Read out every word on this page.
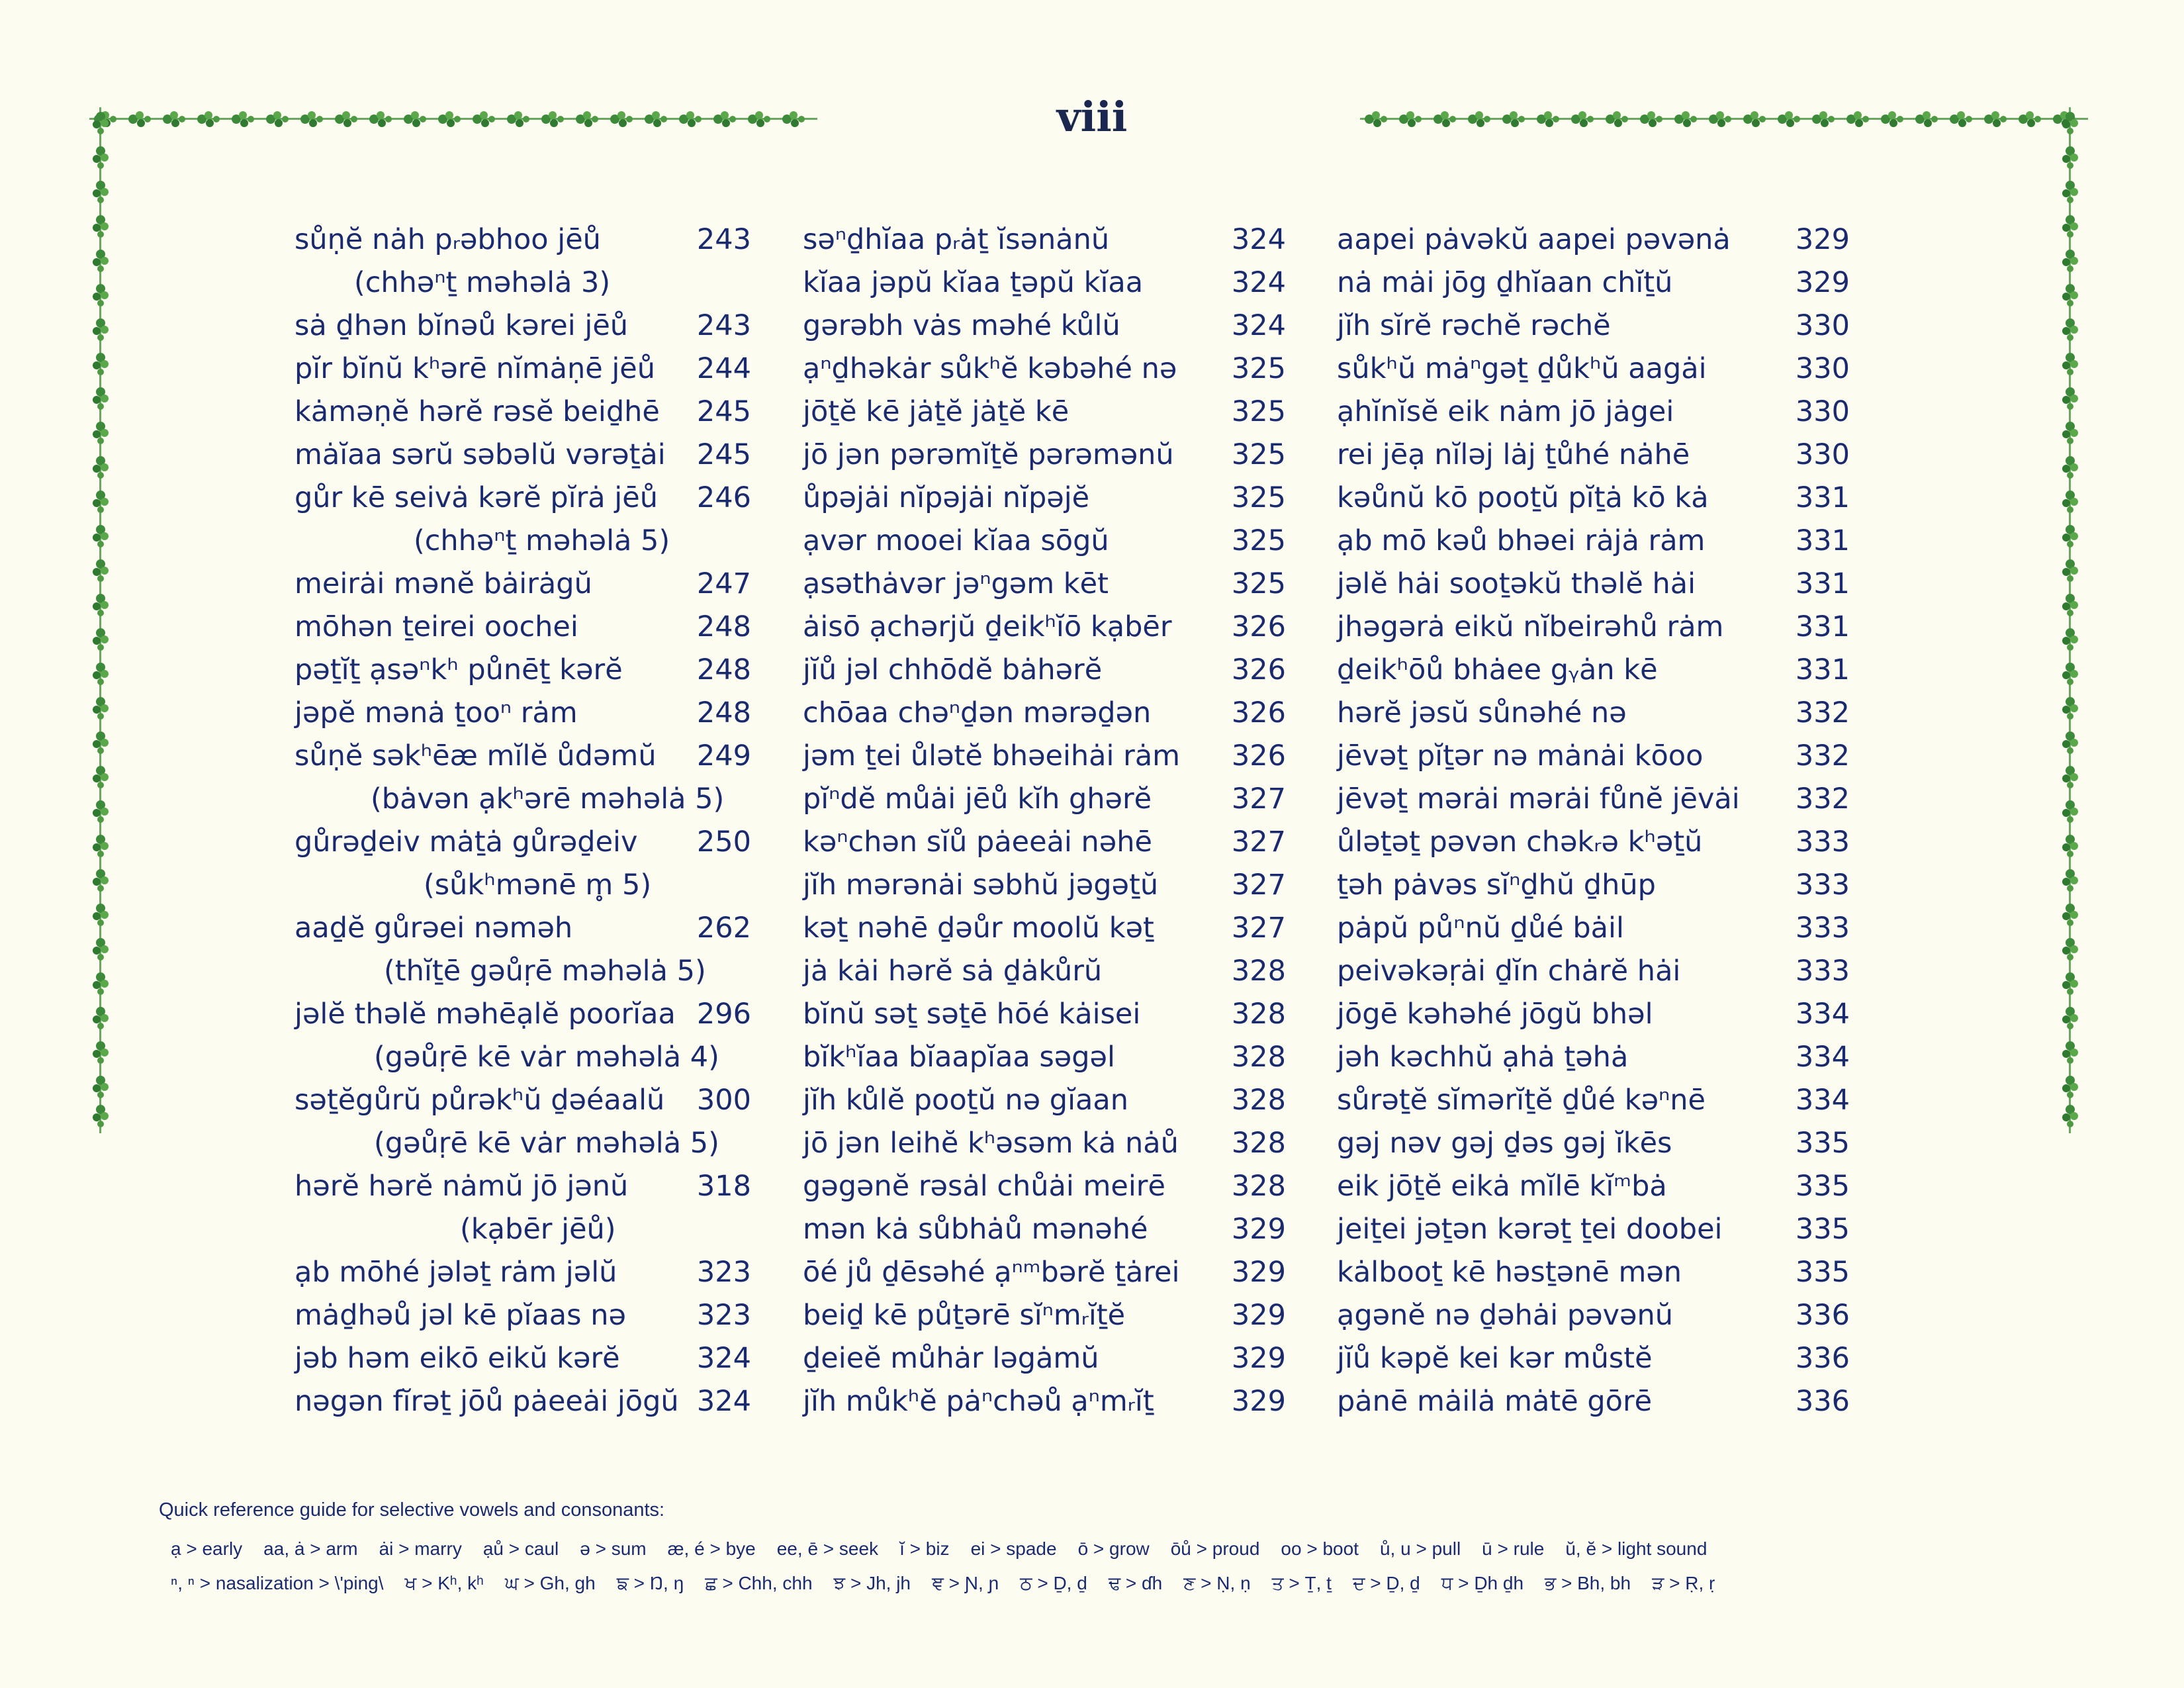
viii
sůṇĕ nȧh pᵣəbhoo jēů	243
(chhəⁿṯ məhəlȧ 3)
sȧ ḏhən bĭnəů kərei jēů	243
pĭr bĭnŭ kʰərē nĭmȧṇē jēů	244
kȧməṇĕ hərĕ rəsĕ beiḏhē	245
mȧĭaa sərŭ səbəlŭ vərəṯȧi	245
gůr kē seivȧ kərĕ pĭrȧ jēů	246
(chhəⁿṯ məhəlȧ 5)
meirȧi mənĕ bȧirȧgŭ	247
mōhən ṯeirei oochei	248
pəṯĭṯ ạsəⁿkʰ půnēṯ kərĕ	248
jəpĕ mənȧ ṯooⁿ rȧm	248
sůṇĕ səkʰēæ mĭlĕ ůdəmŭ	249
(bȧvən ạkʰərē məhəlȧ 5)
gůrəḏeiv mȧṯȧ gůrəḏeiv	250
(sůkʰmənē m̥ 5)
aaḏĕ gůrəei nəməh	262
(thĭṯē gəůṛē məhəlȧ 5)
jəlĕ thəlĕ məhēạlĕ poorĭaa 296
(gəůṛē kē vȧr məhəlȧ 4)
səṯĕgůrŭ půrəkʰŭ ḏəéaalŭ	300
(gəůṛē kē vȧr məhəlȧ 5)
hərĕ hərĕ nȧmŭ jō jənŭ	318
(kạbēr jēů)
ạb mōhé jələṯ rȧm jəlŭ	323
mȧḏhəů jəl kē pĭaas nə	323
jəb həm eikō eikŭ kərĕ	324
nəgən fĭrəṯ jōů pȧeeȧi jōgŭ 324
səⁿḏhĭaa pᵣȧṯ ĭsənȧnŭ	324
kĭaa jəpŭ kĭaa ṯəpŭ kĭaa	324
gərəbh vȧs məhé kůlŭ	324
ạⁿḏhəkȧr sůkʰĕ kəbəhé nə	325
jōṯĕ kē jȧṯĕ jȧṯĕ kē	325
jō jən pərəmĭṯĕ pərəmənŭ	325
ůpəjȧi nĭpəjȧi nĭpəjĕ	325
ạvər mooei kĭaa sōgŭ	325
ạsəthȧvər jəⁿgəm kēt	325
ȧisō ạchərjŭ ḏeikʰĭō kạbēr	326
jĭů jəl chhōdĕ bȧhərĕ	326
chōaa chəⁿḏən mərəḏən	326
jəm ṯei ůlətĕ bhəeihȧi rȧm	326
pĭⁿdĕ můȧi jēů kĭh ghərĕ	327
kəⁿchən sĭů pȧeeȧi nəhē	327
jĭh mərənȧi səbhŭ jəgəṯŭ	327
kəṯ nəhē ḏəůr moolŭ kəṯ	327
jȧ kȧi hərĕ sȧ ḏȧkůrŭ	328
bĭnŭ səṯ səṯē hōé kȧisei	328
bĭkʰĭaa bĭaapĭaa səgəl	328
jĭh kůlĕ pooṯŭ nə gĭaan	328
jō jən leihĕ kʰəsəm kȧ nȧů	328
gəgənĕ rəsȧl chůȧi meirē	328
mən kȧ sůbhȧů mənəhé	329
ōé jů ḏēsəhé ạⁿᵐbərĕ ṯȧrei	329
beiḏ kē půṯərē sĭⁿmᵣĭṯĕ	329
ḏeieĕ můhȧr ləgȧmŭ	329
jĭh můkʰĕ pȧⁿchəů ạⁿmᵣĭṯ	329
aapei pȧvəkŭ aapei pəvənȧ	329
nȧ mȧi jōg ḏhĭaan chĭṯŭ	329
jĭh sĭrĕ rəchĕ rəchĕ	330
sůkʰŭ mȧⁿgəṯ ḏůkʰŭ aagȧi	330
ạhĭnĭsĕ eik nȧm jō jȧgei	330
rei jēạ nĭləj lȧj ṯůhé nȧhē	330
kəůnŭ kō pooṯŭ pĭṯȧ kō kȧ	331
ạb mō kəů bhəei rȧjȧ rȧm	331
jəlĕ hȧi sooṯəkŭ thəlĕ hȧi	331
jhəgərȧ eikŭ nĭbeirəhů rȧm	331
ḏeikʰōů bhȧee gᵧȧn kē	331
hərĕ jəsŭ sůnəhé nə	332
jēvəṯ pĭṯər nə mȧnȧi kōoo	332
jēvəṯ mərȧi mərȧi fůnĕ jēvȧi	332
ůləṯəṯ pəvən chəkᵣə kʰəṯŭ	333
ṯəh pȧvəs sĭⁿḏhŭ ḏhūp	333
pȧpŭ půⁿnŭ ḏůé bȧil	333
peivəkəṛȧi ḏĭn chȧrĕ hȧi	333
jōgē kəhəhé jōgŭ bhəl	334
jəh kəchhŭ ạhȧ ṯəhȧ	334
sůrəṯĕ sĭmərĭṯĕ ḏůé kəⁿnē	334
gəj nəv gəj ḏəs gəj ĭkēs	335
eik jōṯĕ eikȧ mĭlē kĭᵐbȧ	335
jeiṯei jəṯən kərəṯ ṯei doobei	335
kȧlbooṯ kē həsṯənē mən	335
ạgənĕ nə ḏəhȧi pəvənŭ	336
jĭů kəpĕ kei kər můstĕ	336
pȧnē mȧilȧ mȧtē gōrē	336
Quick reference guide for selective vowels and consonants:
ạ > early aa, ȧ > arm ȧi > marry ạů > caul ə > sum æ, é > bye ee, ē > seek ĭ > biz ei > spade ō > grow ōů > proud oo > boot ů, u > pull ū > rule ŭ, ĕ > light sound
ⁿ, ⁿ > nasalization > \'ping\ ਖ > Kʰ, kʰ ਘ > Gh, gh ਙ > Ŋ, ŋ ਛ > Chh, chh ਝ > Jh, jh ਞ > Ɲ, ɲ ਠ > Ḏ, ḏ ਢ > ɗh ਣ > Ṇ, ṇ ਤ > Ṯ, ṯ ਦ > Ḏ, ḏ ਧ > Ḏh ḏh ਭ > Bh, bh ੜ > Ṛ, ṛ
